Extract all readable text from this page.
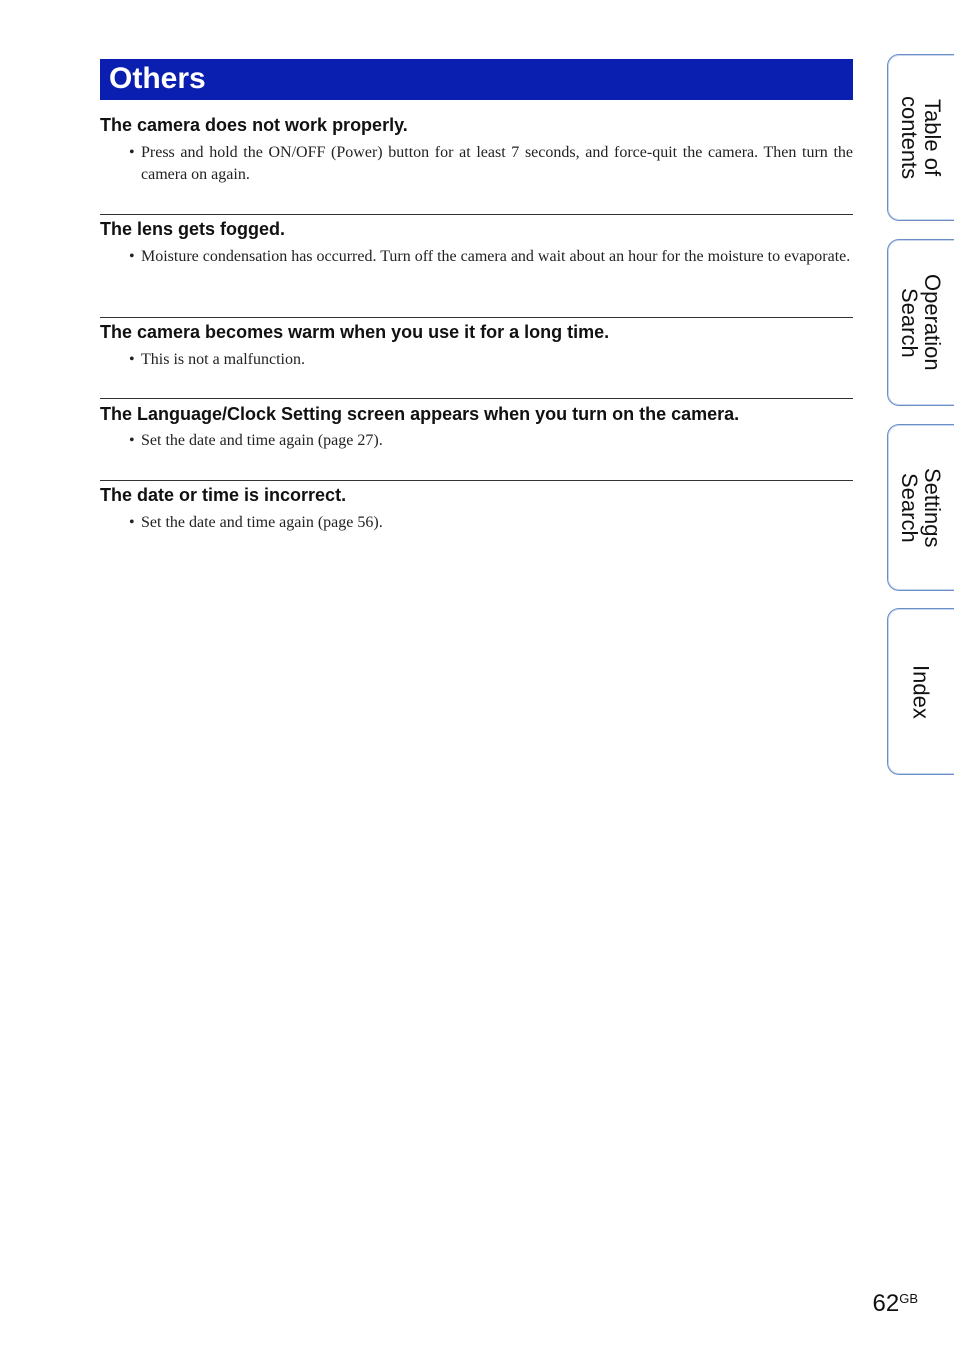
Others
The camera does not work properly.
• Press and hold the ON/OFF (Power) button for at least 7 seconds, and force-quit the camera. Then turn the camera on again.
The lens gets fogged.
• Moisture condensation has occurred. Turn off the camera and wait about an hour for the moisture to evaporate.
The camera becomes warm when you use it for a long time.
• This is not a malfunction.
The Language/Clock Setting screen appears when you turn on the camera.
• Set the date and time again (page 27).
The date or time is incorrect.
• Set the date and time again (page 56).
Table of
contents
Operation
Search
Settings
Search
Index
$62^{GB}$
